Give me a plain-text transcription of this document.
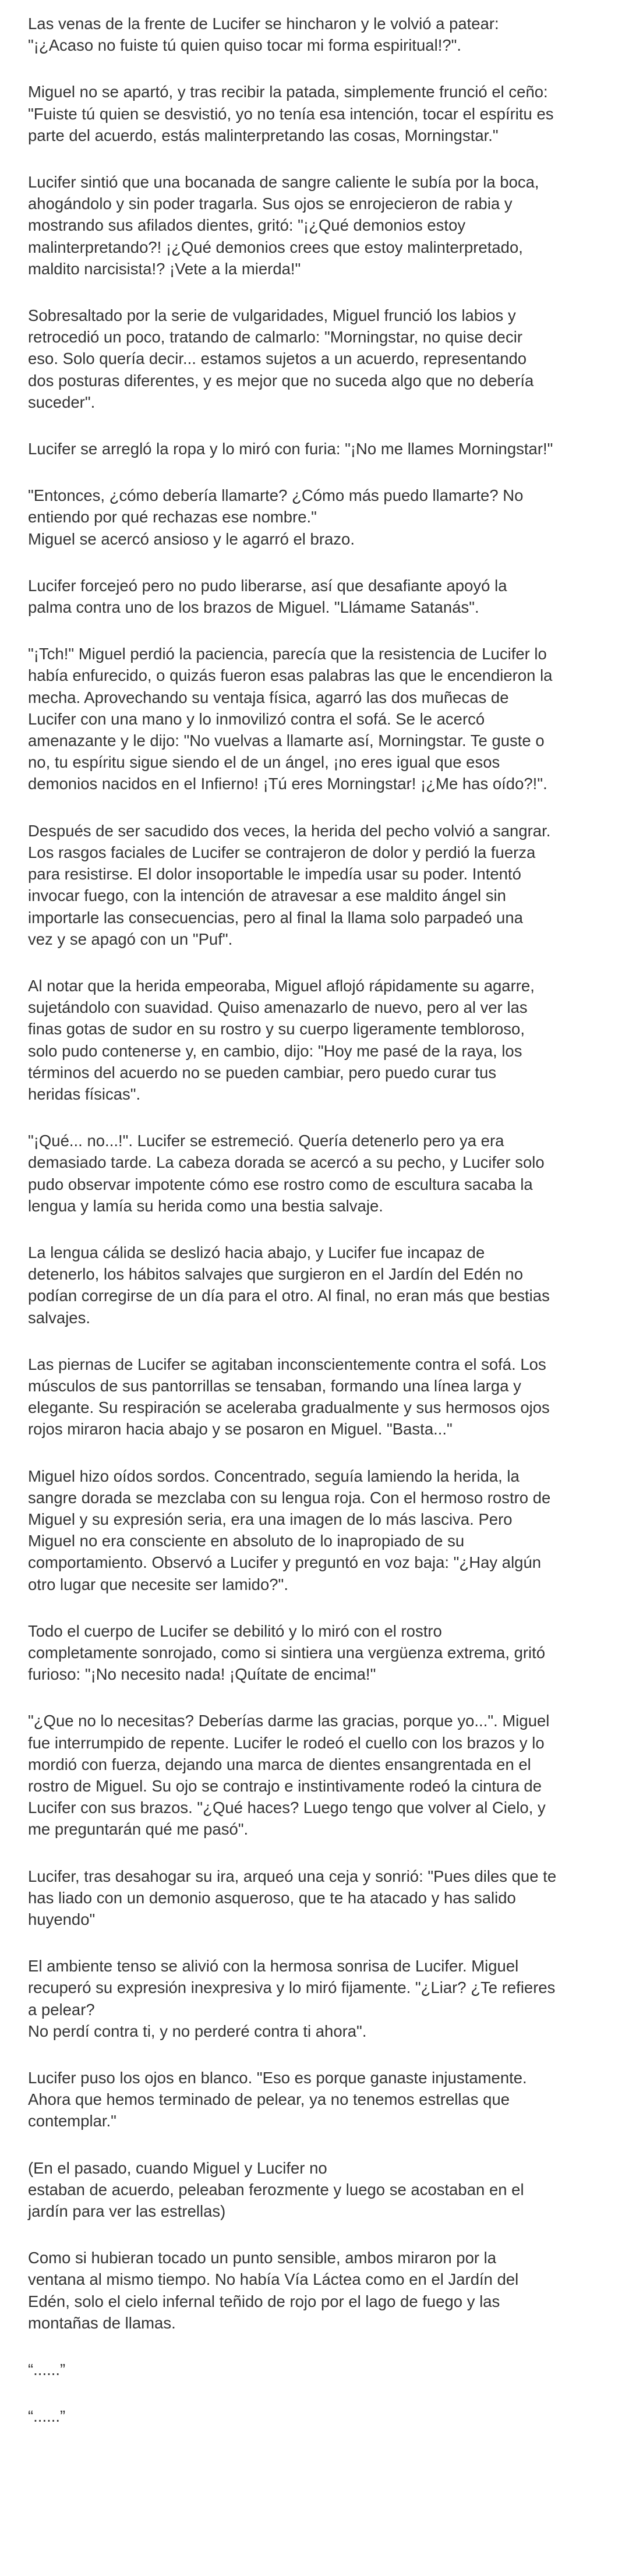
Las venas de la frente de Lucifer se hincharon y le volvió a patear:
"¡¿Acaso no fuiste tú quien quiso tocar mi forma espiritual!?".

Miguel no se apartó, y tras recibir la patada, simplemente frunció el ceño:
"Fuiste tú quien se desvistió, yo no tenía esa intención, tocar el espíritu es
parte del acuerdo, estás malinterpretando las cosas, Morningstar."

Lucifer sintió que una bocanada de sangre caliente le subía por la boca,
ahogándolo y sin poder tragarla. Sus ojos se enrojecieron de rabia y
mostrando sus afilados dientes, gritó: "¡¿Qué demonios estoy
malinterpretando?! ¡¿Qué demonios crees que estoy malinterpretado,
maldito narcisista!? ¡Vete a la mierda!"

Sobresaltado por la serie de vulgaridades, Miguel frunció los labios y
retrocedió un poco, tratando de calmarlo: "Morningstar, no quise decir
eso. Solo quería decir... estamos sujetos a un acuerdo, representando
dos posturas diferentes, y es mejor que no suceda algo que no debería
suceder".

Lucifer se arregló la ropa y lo miró con furia: "¡No me llames Morningstar!"

"Entonces, ¿cómo debería llamarte? ¿Cómo más puedo llamarte? No
entiendo por qué rechazas ese nombre."
Miguel se acercó ansioso y le agarró el brazo.

Lucifer forcejeó pero no pudo liberarse, así que desafiante apoyó la
palma contra uno de los brazos de Miguel. "Llámame Satanás".

"¡Tch!" Miguel perdió la paciencia, parecía que la resistencia de Lucifer lo
había enfurecido, o quizás fueron esas palabras las que le encendieron la
mecha. Aprovechando su ventaja física, agarró las dos muñecas de
Lucifer con una mano y lo inmovilizó contra el sofá. Se le acercó
amenazante y le dijo: "No vuelvas a llamarte así, Morningstar. Te guste o
no, tu espíritu sigue siendo el de un ángel, ¡no eres igual que esos
demonios nacidos en el Infierno! ¡Tú eres Morningstar! ¡¿Me has oído?!".

Después de ser sacudido dos veces, la herida del pecho volvió a sangrar.
Los rasgos faciales de Lucifer se contrajeron de dolor y perdió la fuerza
para resistirse. El dolor insoportable le impedía usar su poder. Intentó
invocar fuego, con la intención de atravesar a ese maldito ángel sin
importarle las consecuencias, pero al final la llama solo parpadeó una
vez y se apagó con un "Puf".

Al notar que la herida empeoraba, Miguel aflojó rápidamente su agarre,
sujetándolo con suavidad. Quiso amenazarlo de nuevo, pero al ver las
finas gotas de sudor en su rostro y su cuerpo ligeramente tembloroso,
solo pudo contenerse y, en cambio, dijo: "Hoy me pasé de la raya, los
términos del acuerdo no se pueden cambiar, pero puedo curar tus
heridas físicas".

"¡Qué... no...!". Lucifer se estremeció. Quería detenerlo pero ya era
demasiado tarde. La cabeza dorada se acercó a su pecho, y Lucifer solo
pudo observar impotente cómo ese rostro como de escultura sacaba la
lengua y lamía su herida como una bestia salvaje.

La lengua cálida se deslizó hacia abajo, y Lucifer fue incapaz de
detenerlo, los hábitos salvajes que surgieron en el Jardín del Edén no
podían corregirse de un día para el otro. Al final, no eran más que bestias
salvajes.

Las piernas de Lucifer se agitaban inconscientemente contra el sofá. Los
músculos de sus pantorrillas se tensaban, formando una línea larga y
elegante. Su respiración se aceleraba gradualmente y sus hermosos ojos
rojos miraron hacia abajo y se posaron en Miguel. "Basta..."

Miguel hizo oídos sordos. Concentrado, seguía lamiendo la herida, la
sangre dorada se mezclaba con su lengua roja. Con el hermoso rostro de
Miguel y su expresión seria, era una imagen de lo más lasciva. Pero
Miguel no era consciente en absoluto de lo inapropiado de su
comportamiento. Observó a Lucifer y preguntó en voz baja: "¿Hay algún
otro lugar que necesite ser lamido?".

Todo el cuerpo de Lucifer se debilitó y lo miró con el rostro
completamente sonrojado, como si sintiera una vergüenza extrema, gritó
furioso: "¡No necesito nada! ¡Quítate de encima!"

"¿Que no lo necesitas? Deberías darme las gracias, porque yo...". Miguel
fue interrumpido de repente. Lucifer le rodeó el cuello con los brazos y lo
mordió con fuerza, dejando una marca de dientes ensangrentada en el
rostro de Miguel. Su ojo se contrajo e instintivamente rodeó la cintura de
Lucifer con sus brazos. "¿Qué haces? Luego tengo que volver al Cielo, y
me preguntarán qué me pasó".

Lucifer, tras desahogar su ira, arqueó una ceja y sonrió: "Pues diles que te
has liado con un demonio asqueroso, que te ha atacado y has salido
huyendo"

El ambiente tenso se alivió con la hermosa sonrisa de Lucifer. Miguel
recuperó su expresión inexpresiva y lo miró fijamente. "¿Liar? ¿Te refieres
a pelear?
No perdí contra ti, y no perderé contra ti ahora".

Lucifer puso los ojos en blanco. "Eso es porque ganaste injustamente.
Ahora que hemos terminado de pelear, ya no tenemos estrellas que
contemplar."

(En el pasado, cuando Miguel y Lucifer no
estaban de acuerdo, peleaban ferozmente y luego se acostaban en el
jardín para ver las estrellas)

Como si hubieran tocado un punto sensible, ambos miraron por la
ventana al mismo tiempo. No había Vía Láctea como en el Jardín del
Edén, solo el cielo infernal teñido de rojo por el lago de fuego y las
montañas de llamas.

“......”

“......”
